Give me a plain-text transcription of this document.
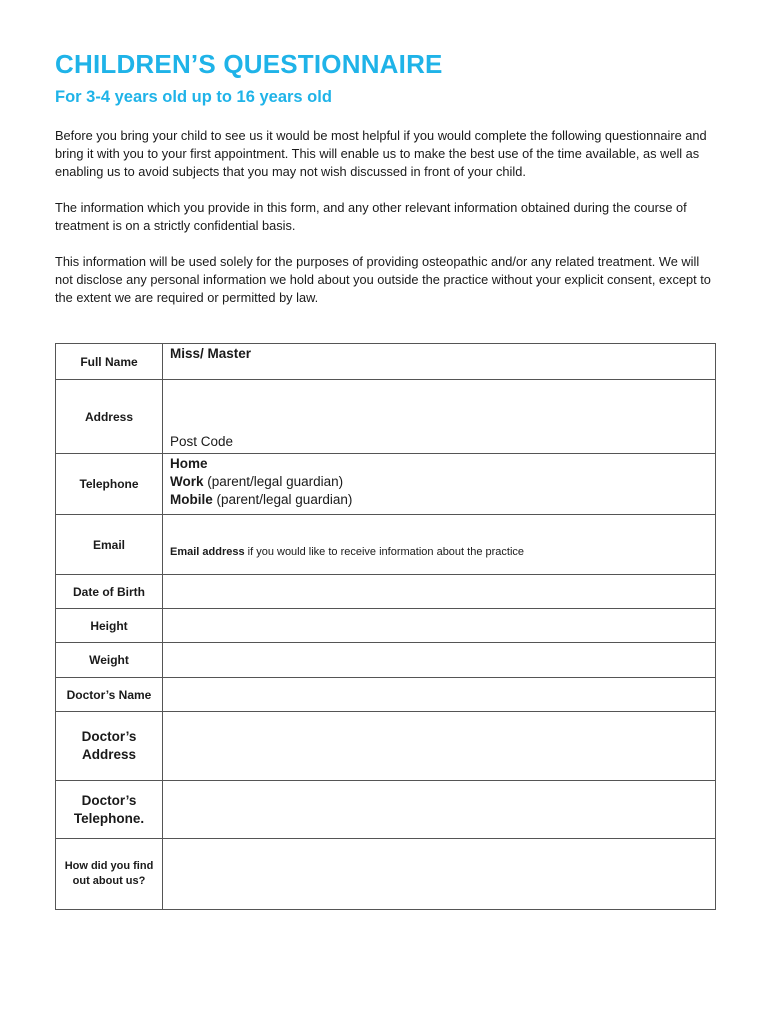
CHILDREN’S QUESTIONNAIRE
For 3-4 years old up to 16 years old

Before you bring your child to see us it would be most helpful if you would complete the following questionnaire and bring it with you to your first appointment. This will enable us to make the best use of the time available, as well as enabling us to avoid subjects that you may not wish discussed in front of your child.

The information which you provide in this form, and any other relevant information obtained during the course of treatment is on a strictly confidential basis.

This information will be used solely for the purposes of providing osteopathic and/or any related treatment. We will not disclose any personal information we hold about you outside the practice without your explicit consent, except to the extent we are required or permitted by law.

Full Name	Miss/ Master

Address	Post Code

Telephone	Home
Work (parent/legal guardian)
Mobile (parent/legal guardian)

Email	Email address if you would like to receive information about the practice
Date of Birth	
Height	
Weight	
Doctor’s Name	

Doctor’s
Address	

Doctor’s
Telephone.	

How did you find
out about us?	
